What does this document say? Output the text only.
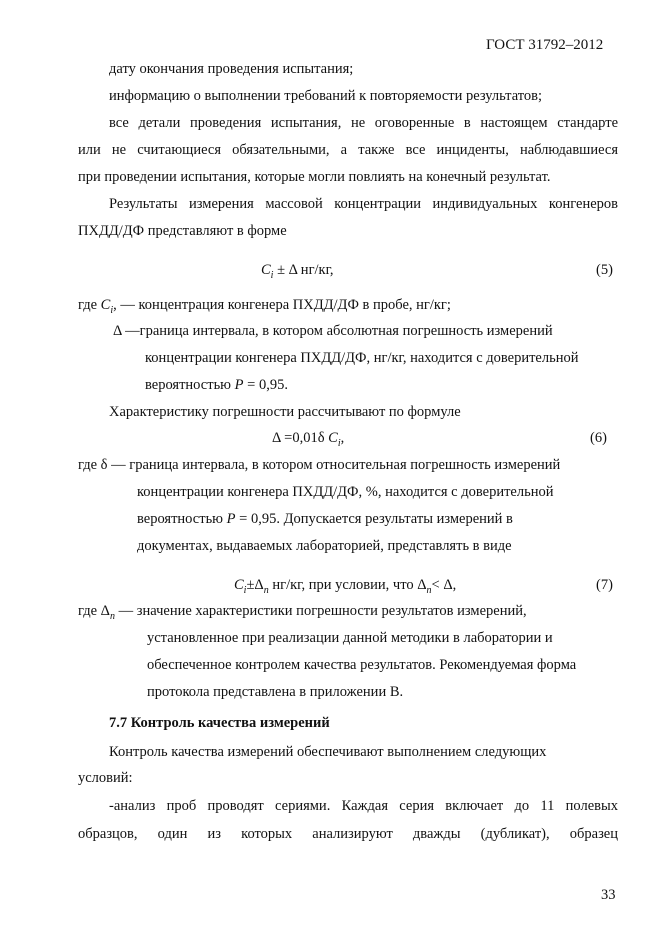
ГОСТ 31792–2012
дату окончания проведения испытания;
информацию о выполнении требований к повторяемости результатов;
все детали проведения испытания, не оговоренные в настоящем стандарте
или не считающиеся обязательными, а также все инциденты, наблюдавшиеся
при проведении испытания, которые могли повлиять на конечный результат.
Результаты измерения массовой концентрации индивидуальных конгенеров
ПХДД/ДФ представляют в форме
$C_i \pm \Delta$ нг/кг,	(5)
где $C_i$, — концентрация конгенера ПХДД/ДФ в пробе, нг/кг;
Δ —граница интервала, в котором абсолютная погрешность измерений
концентрации конгенера ПХДД/ДФ, нг/кг, находится с доверительной
вероятностью P = 0,95.
Характеристику погрешности рассчитывают по формуле
Δ =0,01δ $C_i$,	(6)
где δ — граница интервала, в котором относительная погрешность измерений
концентрации конгенера ПХДД/ДФ, %, находится с доверительной
вероятностью P = 0,95. Допускается результаты измерений в
документах, выдаваемых лабораторией, представлять в виде
$C_i\pm\Delta_n$ нг/кг, при условии, что $\Delta_n< \Delta$,	(7)
где $\Delta_n$ — значение характеристики погрешности результатов измерений,
установленное при реализации данной методики в лаборатории и
обеспеченное контролем качества результатов. Рекомендуемая форма
протокола представлена в приложении В.
7.7 Контроль качества измерений
Контроль качества измерений обеспечивают выполнением следующих
условий:
-анализ проб проводят сериями. Каждая серия включает до 11 полевых
образцов, один из которых анализируют дважды (дубликат), образец
33
